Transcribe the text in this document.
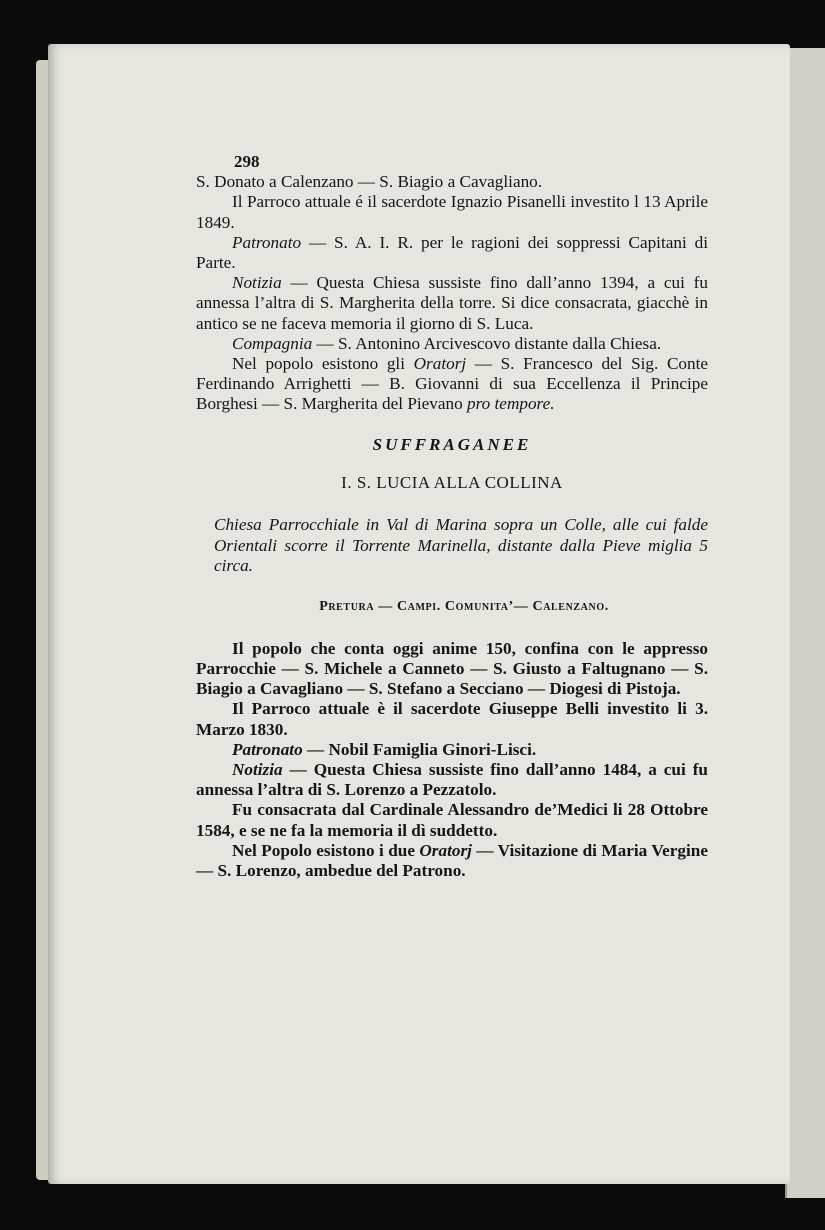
298

S. Donato a Calenzano — S. Biagio a Cavagliano.

Il Parroco attuale é il sacerdote Ignazio Pisanelli investito l 13 Aprile 1849.

Patronato — S. A. I. R. per le ragioni dei soppressi Capitani di Parte.

Notizia — Questa Chiesa sussiste fino dall’anno 1394, a cui fu annessa l’altra di S. Margherita della torre. Si dice consacrata, giacchè in antico se ne faceva memoria il giorno di S. Luca.

Compagnia — S. Antonino Arcivescovo distante dalla Chiesa.

Nel popolo esistono gli Oratorj — S. Francesco del Sig. Conte Ferdinando Arrighetti — B. Giovanni di sua Eccellenza il Principe Borghesi — S. Margherita del Pievano pro tempore.

SUFFRAGANEE
I. S. LUCIA ALLA COLLINA

Chiesa Parrocchiale in Val di Marina sopra un Colle, alle cui falde Orientali scorre il Torrente Marinella, distante dalla Pieve miglia 5 circa.

Pretura — Campi. Comunita’— Calenzano.

Il popolo che conta oggi anime 150, confina con le appresso Parrocchie — S. Michele a Canneto — S. Giusto a Faltugnano — S. Biagio a Cavagliano — S. Stefano a Secciano — Diogesi di Pistoja.

Il Parroco attuale è il sacerdote Giuseppe Belli investito li 3. Marzo 1830.

Patronato — Nobil Famiglia Ginori-Lisci.

Notizia — Questa Chiesa sussiste fino dall’anno 1484, a cui fu annessa l’altra di S. Lorenzo a Pezzatolo.

Fu consacrata dal Cardinale Alessandro de’Medici li 28 Ottobre 1584, e se ne fa la memoria il dì suddetto.

Nel Popolo esistono i due Oratorj — Visitazione di Maria Vergine — S. Lorenzo, ambedue del Patrono.
